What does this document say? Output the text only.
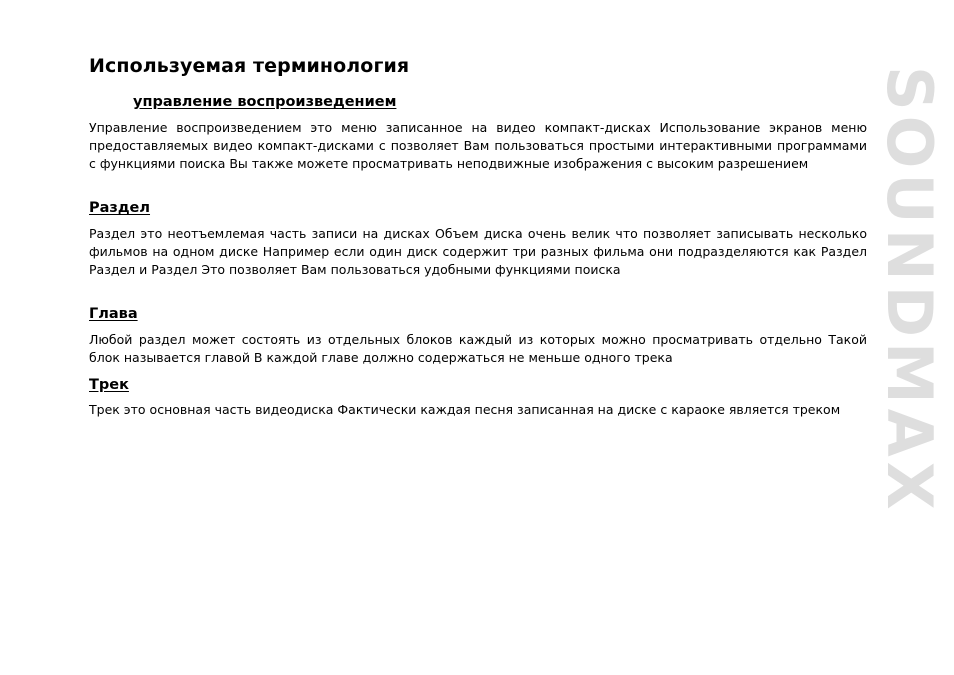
Используемая терминология
управление воспроизведением

Управление воспроизведением это меню записанное на видео компакт-дисках Использование экранов меню предоставляемых видео компакт-дисками с позволяет Вам пользоваться простыми интерактивными программами с функциями поиска Вы также можете просматривать неподвижные изображения с высоким разрешением

Раздел

Раздел это неотъемлемая часть записи на дисках Объем диска очень велик что позволяет записывать несколько фильмов на одном диске Например если один диск содержит три разных фильма они подразделяются как Раздел Раздел и Раздел Это позволяет Вам пользоваться удобными функциями поиска

Глава

Любой раздел может состоять из отдельных блоков каждый из которых можно просматривать отдельно Такой блок называется главой В каждой главе должно содержаться не меньше одного трека

Трек

Трек это основная часть видеодиска Фактически каждая песня записанная на диске с караоке является треком SOUNDMAX
